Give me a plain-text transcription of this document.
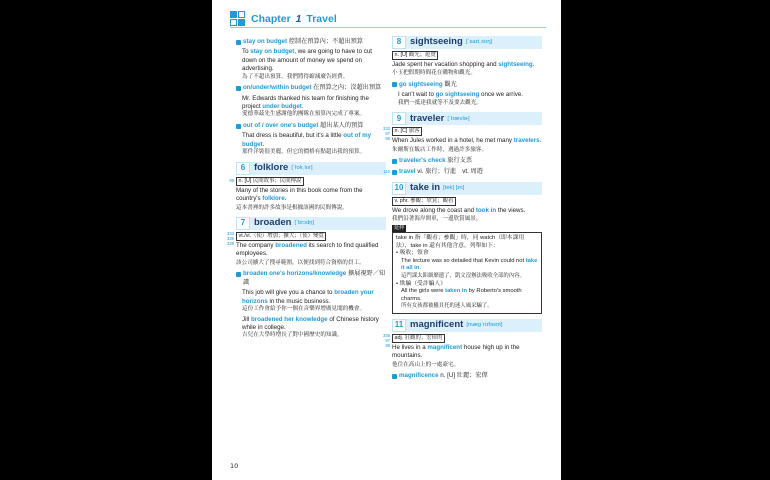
Chapter 1 Travel
stay on budget 控制在預算內；不超出預算
To stay on budget, we are going to have to cut down on the amount of money we spend on advertising.
為了不超出預算，我們將得縮減廣告經費。
on/under/within budget 在預算之內；沒超出預算
Mr. Edwards thanked his team for finishing the project under budget.
愛德華茲先生感謝他的團隊在預算內完成了專案。
out of / over one's budget 超出某人的預算
That dress is beautiful, but it's a little out of my budget.
那件洋裝很美麗，但它的價格有點超出我的預算。
6 folklore [ˋfok͵lor]
98 n. [U] 民間故事；民間傳說
Many of the stories in this book come from the country's folklore.
這本書裡的許多故事是根據該國的民間傳說。
7 broaden [ˋbrɔdn̩]
333
336
338
vt./vi.（使）增加；擴大；（使）變寬
The company broadened its search to find qualified employees.
該公司擴大了搜尋範圍，以便找到符合資格的員工。
broaden one's horizons/knowledge 擴展視野／知識
This job will give you a chance to broaden your horizons in the music business.
這份工作會給予你一個在音樂界增廣見聞的機會。
Jill broadened her knowledge of Chinese history while in college.
吉兒在大學時增長了對中國歷史的知識。
8 sightseeing [ˋsaɪt͵siɪŋ]
n. [U] 觀光；遊覽
Jade spent her vacation shopping and sightseeing.
小玉把假期時間花在購物和觀光。
go sightseeing 觀光
I can't wait to go sightseeing once we arrive.
我們一抵達我就等不及要去觀光。
9 traveler [ˋtrævlɚ]
333
97
98
n. [C] 旅客
When Jules worked in a hotel, he met many travelers.
朱爾斯在飯店工作時，遇過許多旅客。
traveler's check 旅行支票
110 travel vi. 旅行；行進　vt. 周遊
10 take in [tek] [ɪn]
v. phr. 參觀；欣賞；觀看
We drove along the coast and took in the views.
我們沿著海岸開車，一邊欣賞風景。
延伸
take in 指「觀看；參觀」時，同 watch（即本課用法），take in 還有其他含意，列舉如下：
• 吸收；領會
The lecture was so detailed that Kevin could not take it all in.
這門課太鉅細靡遺了，凱文沒辦法吸收全部的內容。
• 欺騙（受詐騙人）
All the girls were taken in by Roberto's smooth charms.
所有女孩都被羅貝托的迷人風采騙了。
11 magnificent [mægˋnɪfəsn̩t]
335
97
98
adj. 壯觀的；宏偉的
He lives in a magnificent house high up in the mountains.
他住在高山上的一處豪宅。
magnificence n. [U] 壯麗；宏偉
10
